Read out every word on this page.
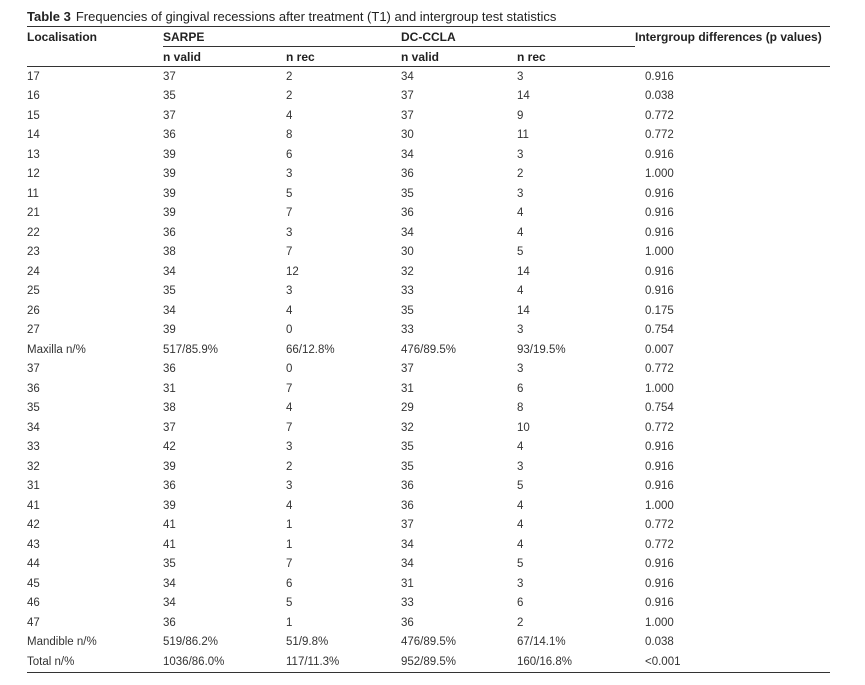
Table 3 Frequencies of gingival recessions after treatment (T1) and intergroup test statistics
Localisation	SARPE		DC-CCLA		Intergroup differences (p values)
	n valid	n rec	n valid	n rec	
17	37	2	34	3	0.916
16	35	2	37	14	0.038
15	37	4	37	9	0.772
14	36	8	30	11	0.772
13	39	6	34	3	0.916
12	39	3	36	2	1.000
11	39	5	35	3	0.916
21	39	7	36	4	0.916
22	36	3	34	4	0.916
23	38	7	30	5	1.000
24	34	12	32	14	0.916
25	35	3	33	4	0.916
26	34	4	35	14	0.175
27	39	0	33	3	0.754
Maxilla n/%	517/85.9%	66/12.8%	476/89.5%	93/19.5%	0.007
37	36	0	37	3	0.772
36	31	7	31	6	1.000
35	38	4	29	8	0.754
34	37	7	32	10	0.772
33	42	3	35	4	0.916
32	39	2	35	3	0.916
31	36	3	36	5	0.916
41	39	4	36	4	1.000
42	41	1	37	4	0.772
43	41	1	34	4	0.772
44	35	7	34	5	0.916
45	34	6	31	3	0.916
46	34	5	33	6	0.916
47	36	1	36	2	1.000
Mandible n/%	519/86.2%	51/9.8%	476/89.5%	67/14.1%	0.038
Total n/%	1036/86.0%	117/11.3%	952/89.5%	160/16.8%	<0.001
